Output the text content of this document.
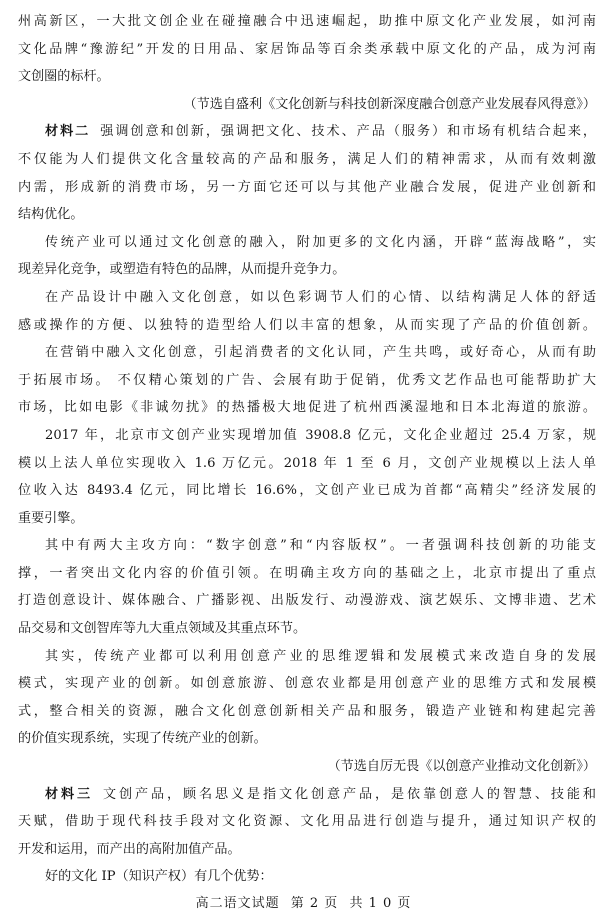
州高新区，一大批文创企业在碰撞融合中迅速崛起，助推中原文化产业发展，如河南
文化品牌“豫游纪”开发的日用品、家居饰品等百余类承载中原文化的产品，成为河南
文创圈的标杆。
（节选自盛利《文化创新与科技创新深度融合创意产业发展春风得意》）
材料二 强调创意和创新，强调把文化、技术、产品（服务）和市场有机结合起来，
不仅能为人们提供文化含量较高的产品和服务，满足人们的精神需求，从而有效刺激
内需，形成新的消费市场，另一方面它还可以与其他产业融合发展，促进产业创新和
结构优化。
传统产业可以通过文化创意的融入，附加更多的文化内涵，开辟“蓝海战略”，实
现差异化竞争，或塑造有特色的品牌，从而提升竞争力。
在产品设计中融入文化创意，如以色彩调节人们的心情、以结构满足人体的舒适
感或操作的方便、以独特的造型给人们以丰富的想象，从而实现了产品的价值创新。
在营销中融入文化创意，引起消费者的文化认同，产生共鸣，或好奇心，从而有助
于拓展市场。 不仅精心策划的广告、会展有助于促销，优秀文艺作品也可能帮助扩大
市场，比如电影《非诚勿扰》的热播极大地促进了杭州西溪湿地和日本北海道的旅游。
2017 年，北京市文创产业实现增加值 3908.8 亿元，文化企业超过 25.4 万家，规
模以上法人单位实现收入 1.6 万亿元。2018 年 1 至 6 月，文创产业规模以上法人单
位收入达 8493.4 亿元，同比增长 16.6%，文创产业已成为首都“高精尖”经济发展的
重要引擎。
其中有两大主攻方向：“数字创意”和“内容版权”。一者强调科技创新的功能支
撑，一者突出文化内容的价值引领。在明确主攻方向的基础之上，北京市提出了重点
打造创意设计、媒体融合、广播影视、出版发行、动漫游戏、演艺娱乐、文博非遗、艺术
品交易和文创智库等九大重点领域及其重点环节。
其实，传统产业都可以利用创意产业的思维逻辑和发展模式来改造自身的发展
模式，实现产业的创新。如创意旅游、创意农业都是用创意产业的思维方式和发展模
式，整合相关的资源，融合文化创意创新相关产品和服务，锻造产业链和构建起完善
的价值实现系统，实现了传统产业的创新。
（节选自厉无畏《以创意产业推动文化创新》）
材料三 文创产品，顾名思义是指文化创意产品，是依靠创意人的智慧、技能和
天赋，借助于现代科技手段对文化资源、文化用品进行创造与提升，通过知识产权的
开发和运用，而产出的高附加值产品。
好的文化 IP（知识产权）有几个优势：
高二语文试题 第 2 页 共 1 0 页
